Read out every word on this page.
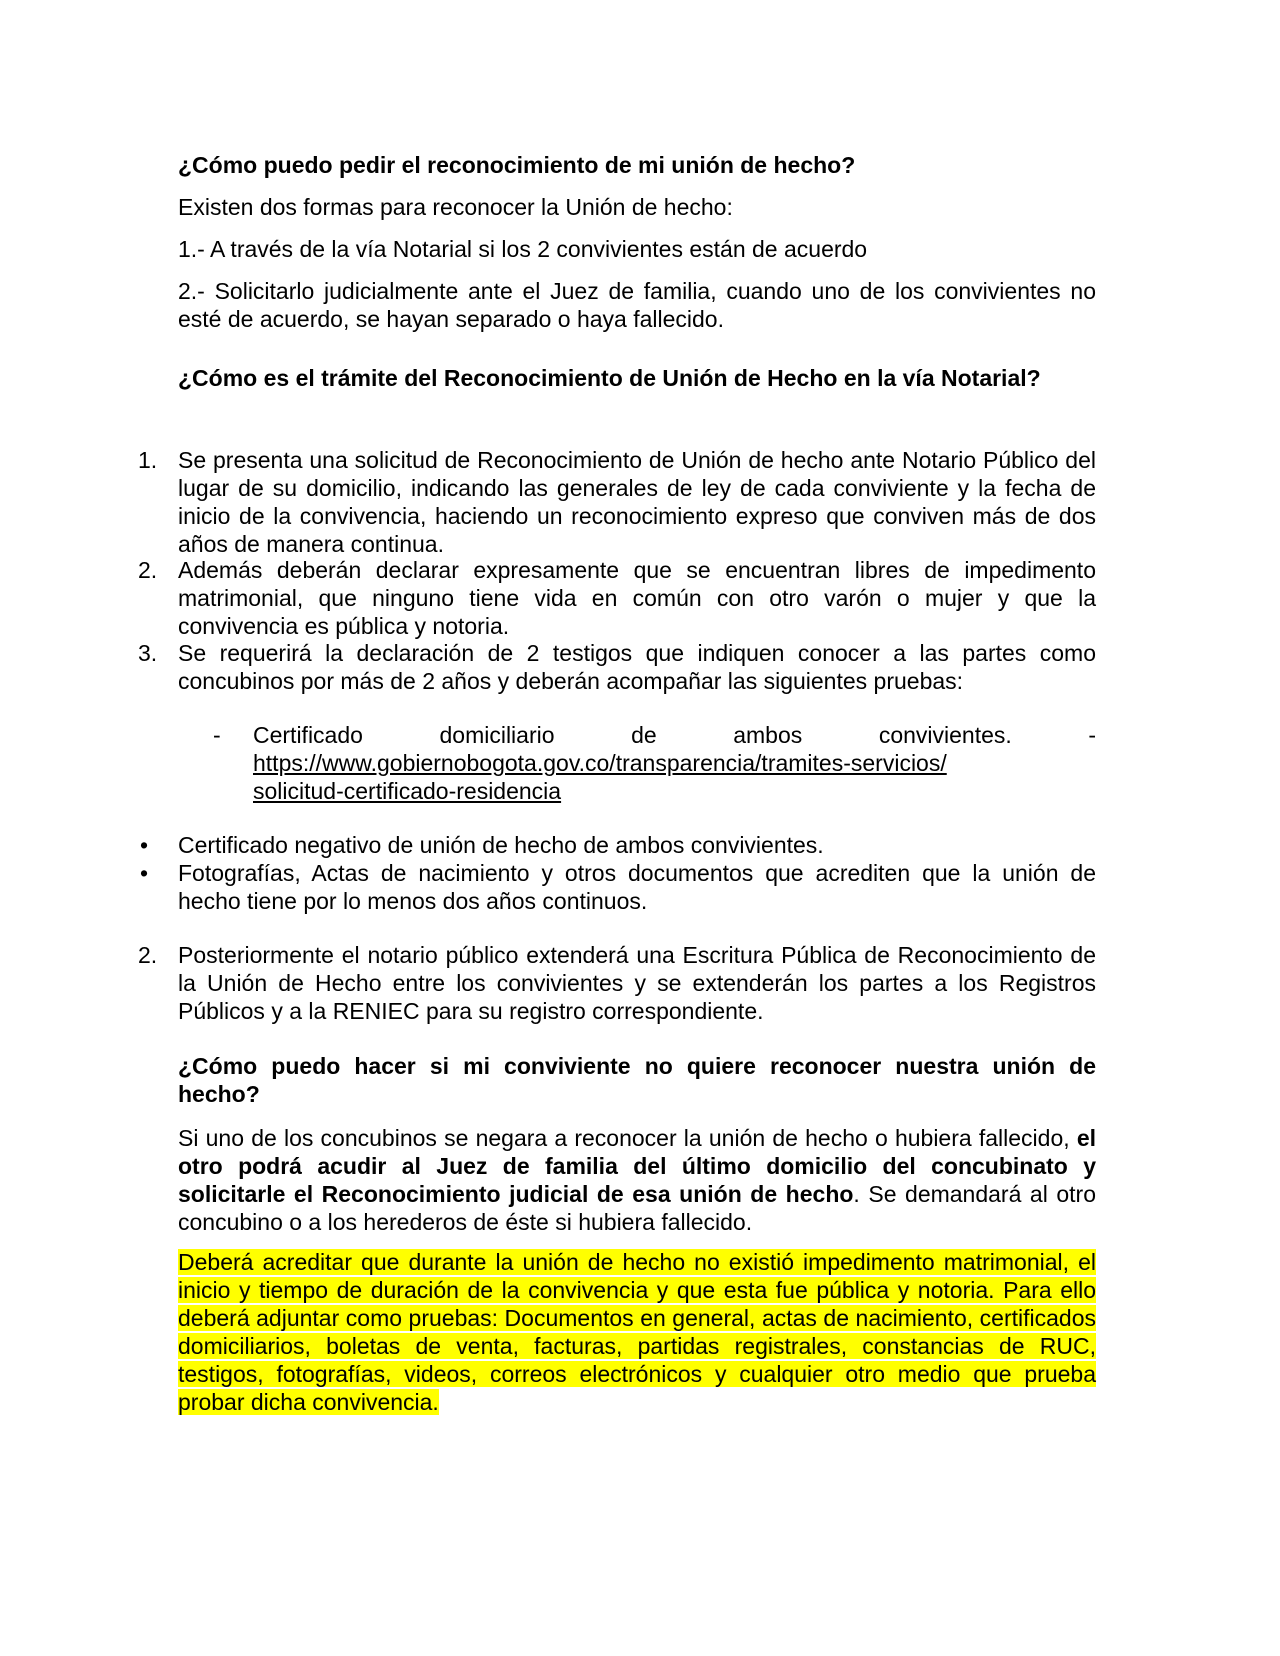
¿Cómo puedo pedir el reconocimiento de mi unión de hecho?

Existen dos formas para reconocer la Unión de hecho:

1.- A través de la vía Notarial si los 2 convivientes están de acuerdo

2.- Solicitarlo judicialmente ante el Juez de familia, cuando uno de los convivientes no esté de acuerdo, se hayan separado o haya fallecido.

¿Cómo es el trámite del Reconocimiento de Unión de Hecho en la vía Notarial?

1. Se presenta una solicitud de Reconocimiento de Unión de hecho ante Notario Público del lugar de su domicilio, indicando las generales de ley de cada conviviente y la fecha de inicio de la convivencia, haciendo un reconocimiento expreso que conviven más de dos años de manera continua.

2. Además deberán declarar expresamente que se encuentran libres de impedimento matrimonial, que ninguno tiene vida en común con otro varón o mujer y que la convivencia es pública y notoria.

3. Se requerirá la declaración de 2 testigos que indiquen conocer a las partes como concubinos por más de 2 años y deberán acompañar las siguientes pruebas:

- Certificado	domiciliario	de	ambos	convivientes.	-
https://www.gobiernobogota.gov.co/transparencia/tramites-servicios/
solicitud-certificado-residencia
•	Certificado negativo de unión de hecho de ambos convivientes.

•	Fotografías, Actas de nacimiento y otros documentos que acrediten que la unión de hecho tiene por lo menos dos años continuos.

2. Posteriormente el notario público extenderá una Escritura Pública de Reconocimiento de la Unión de Hecho entre los convivientes y se extenderán los partes a los Registros Públicos y a la RENIEC para su registro correspondiente.

¿Cómo puedo hacer si mi conviviente no quiere reconocer nuestra unión de hecho?

Si uno de los concubinos se negara a reconocer la unión de hecho o hubiera fallecido, el otro podrá acudir al Juez de familia del último domicilio del concubinato y solicitarle el Reconocimiento judicial de esa unión de hecho. Se demandará al otro concubino o a los herederos de éste si hubiera fallecido.

Deberá acreditar que durante la unión de hecho no existió impedimento matrimonial, el inicio y tiempo de duración de la convivencia y que esta fue pública y notoria. Para ello deberá adjuntar como pruebas: Documentos en general, actas de nacimiento, certificados domiciliarios, boletas de venta, facturas, partidas registrales, constancias de RUC, testigos, fotografías, videos, correos electrónicos y cualquier otro medio que prueba probar dicha convivencia.
